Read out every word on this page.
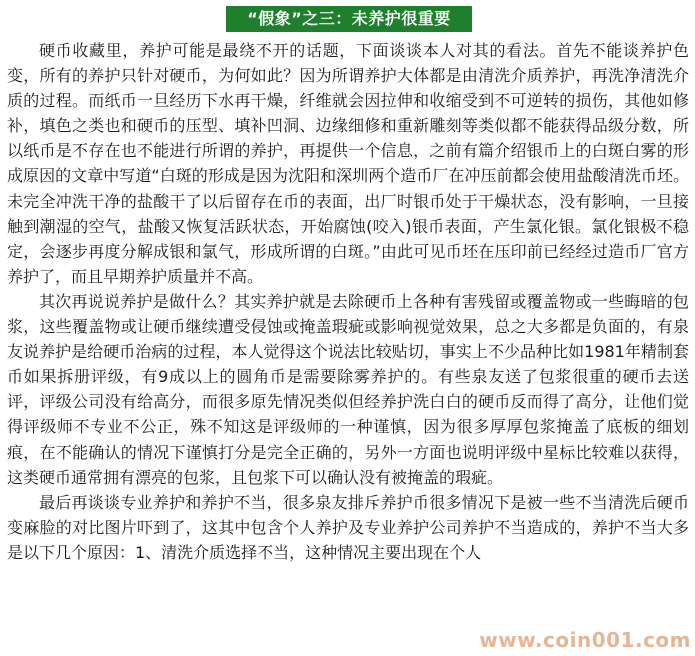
“假象”之三：未养护很重要

硬币收藏里，养护可能是最绕不开的话题，下面谈谈本人对其的看法。首先不能谈养护色变，所有的养护只针对硬币，为何如此？因为所谓养护大体都是由清洗介质养护，再洗净清洗介质的过程。而纸币一旦经历下水再干燥，纤维就会因拉伸和收缩受到不可逆转的损伤，其他如修补，填色之类也和硬币的压型、填补凹洞、边缘细修和重新雕刻等类似都不能获得品级分数，所以纸币是不存在也不能进行所谓的养护，再提供一个信息，之前有篇介绍银币上的白斑白雾的形成原因的文章中写道“白斑的形成是因为沈阳和深圳两个造币厂在冲压前都会使用盐酸清洗币坯。未完全冲洗干净的盐酸干了以后留存在币的表面，出厂时银币处于干燥状态，没有影响，一旦接触到潮湿的空气，盐酸又恢复活跃状态，开始腐蚀(咬入)银币表面，产生氯化银。氯化银极不稳定，会逐步再度分解成银和氯气，形成所谓的白斑。”由此可见币坯在压印前已经经过造币厂官方养护了，而且早期养护质量并不高。

其次再说说养护是做什么？其实养护就是去除硬币上各种有害残留或覆盖物或一些晦暗的包浆，这些覆盖物或让硬币继续遭受侵蚀或掩盖瑕疵或影响视觉效果，总之大多都是负面的，有泉友说养护是给硬币治病的过程，本人觉得这个说法比较贴切，事实上不少品种比如1981年精制套币如果拆册评级，有9成以上的圆角币是需要除雾养护的。有些泉友送了包浆很重的硬币去送评，评级公司没有给高分，而很多原先情况类似但经养护洗白白的硬币反而得了高分，让他们觉得评级师不专业不公正，殊不知这是评级师的一种谨慎，因为很多厚厚包浆掩盖了底板的细划痕，在不能确认的情况下谨慎打分是完全正确的，另外一方面也说明评级中星标比较难以获得，这类硬币通常拥有漂亮的包浆，且包浆下可以确认没有被掩盖的瑕疵。

最后再谈谈专业养护和养护不当，很多泉友排斥养护币很多情况下是被一些不当清洗后硬币变麻脸的对比图片吓到了，这其中包含个人养护及专业养护公司养护不当造成的，养护不当大多是以下几个原因：1、清洗介质选择不当，这种情况主要出现在个人

www.coin001.com
